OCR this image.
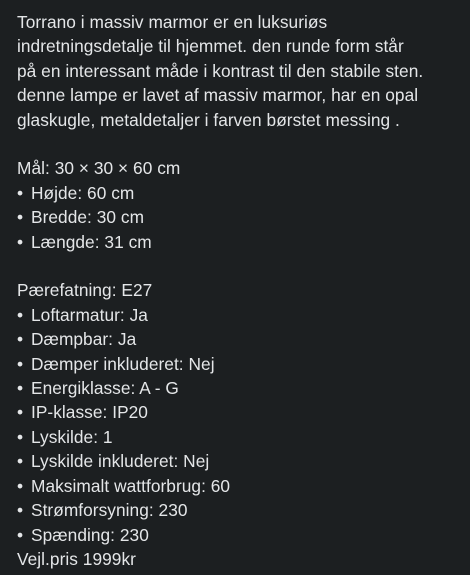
Torrano i massiv marmor er en luksuriøs
indretningsdetalje til hjemmet. den runde form står
på en interessant måde i kontrast til den stabile sten.
denne lampe er lavet af massiv marmor, har en opal
glaskugle, metaldetaljer i farven børstet messing .

Mål: 30 × 30 × 60 cm
• Højde: 60 cm
• Bredde: 30 cm
• Længde: 31 cm
Pærefatning: E27
• Loftarmatur: Ja
• Dæmpbar: Ja
• Dæmper inkluderet: Nej
• Energiklasse: A - G
• IP-klasse: IP20
• Lyskilde: 1
• Lyskilde inkluderet: Nej
• Maksimalt wattforbrug: 60
• Strømforsyning: 230
• Spænding: 230
Vejl.pris 1999kr
